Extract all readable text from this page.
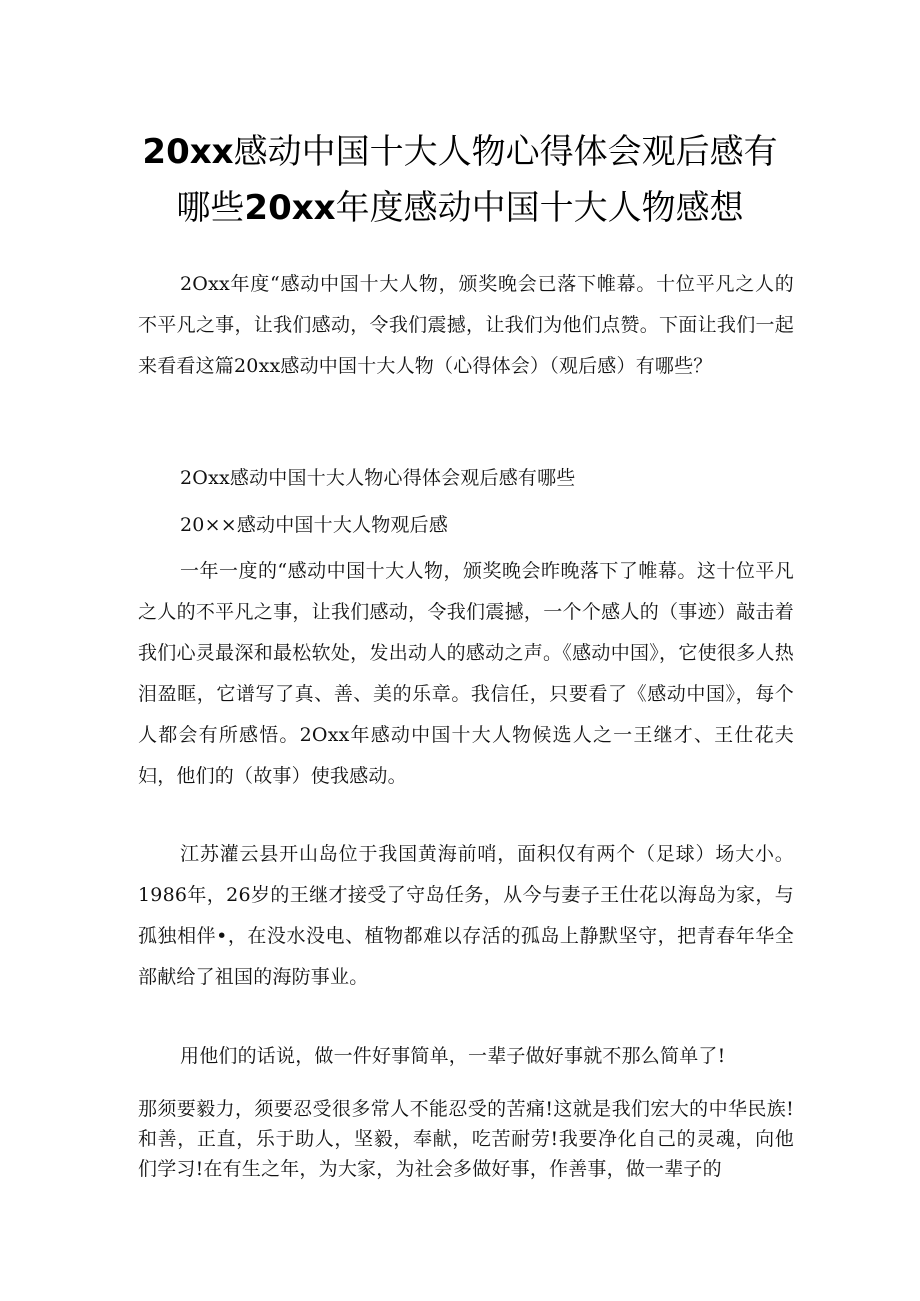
20xx感动中国十大人物心得体会观后感有
哪些20xx年度感动中国十大人物感想

2Oxx年度“感动中国十大人物，颁奖晚会已落下帷幕。十位平凡之人的不平凡之事，让我们感动，令我们震撼，让我们为他们点赞。下面让我们一起来看看这篇20xx感动中国十大人物（心得体会）（观后感）有哪些？

2Oxx感动中国十大人物心得体会观后感有哪些

20××感动中国十大人物观后感

一年一度的“感动中国十大人物，颁奖晚会昨晚落下了帷幕。这十位平凡之人的不平凡之事，让我们感动，令我们震撼，一个个感人的（事迹）敲击着我们心灵最深和最松软处，发出动人的感动之声。《感动中国》，它使很多人热泪盈眶，它谱写了真、善、美的乐章。我信任，只要看了《感动中国》，每个人都会有所感悟。2Oxx年感动中国十大人物候选人之一王继才、王仕花夫妇，他们的（故事）使我感动。

江苏灌云县开山岛位于我国黄海前哨，面积仅有两个（足球）场大小。1986年，26岁的王继才接受了守岛任务，从今与妻子王仕花以海岛为家，与孤独相伴•，在没水没电、植物都难以存活的孤岛上静默坚守，把青春年华全部献给了祖国的海防事业。

用他们的话说，做一件好事简单，一辈子做好事就不那么简单了!

那须要毅力，须要忍受很多常人不能忍受的苦痛!这就是我们宏大的中华民族!和善，正直，乐于助人，坚毅，奉献，吃苦耐劳!我要净化自己的灵魂，向他们学习!在有生之年，为大家，为社会多做好事，作善事，做一辈子的
